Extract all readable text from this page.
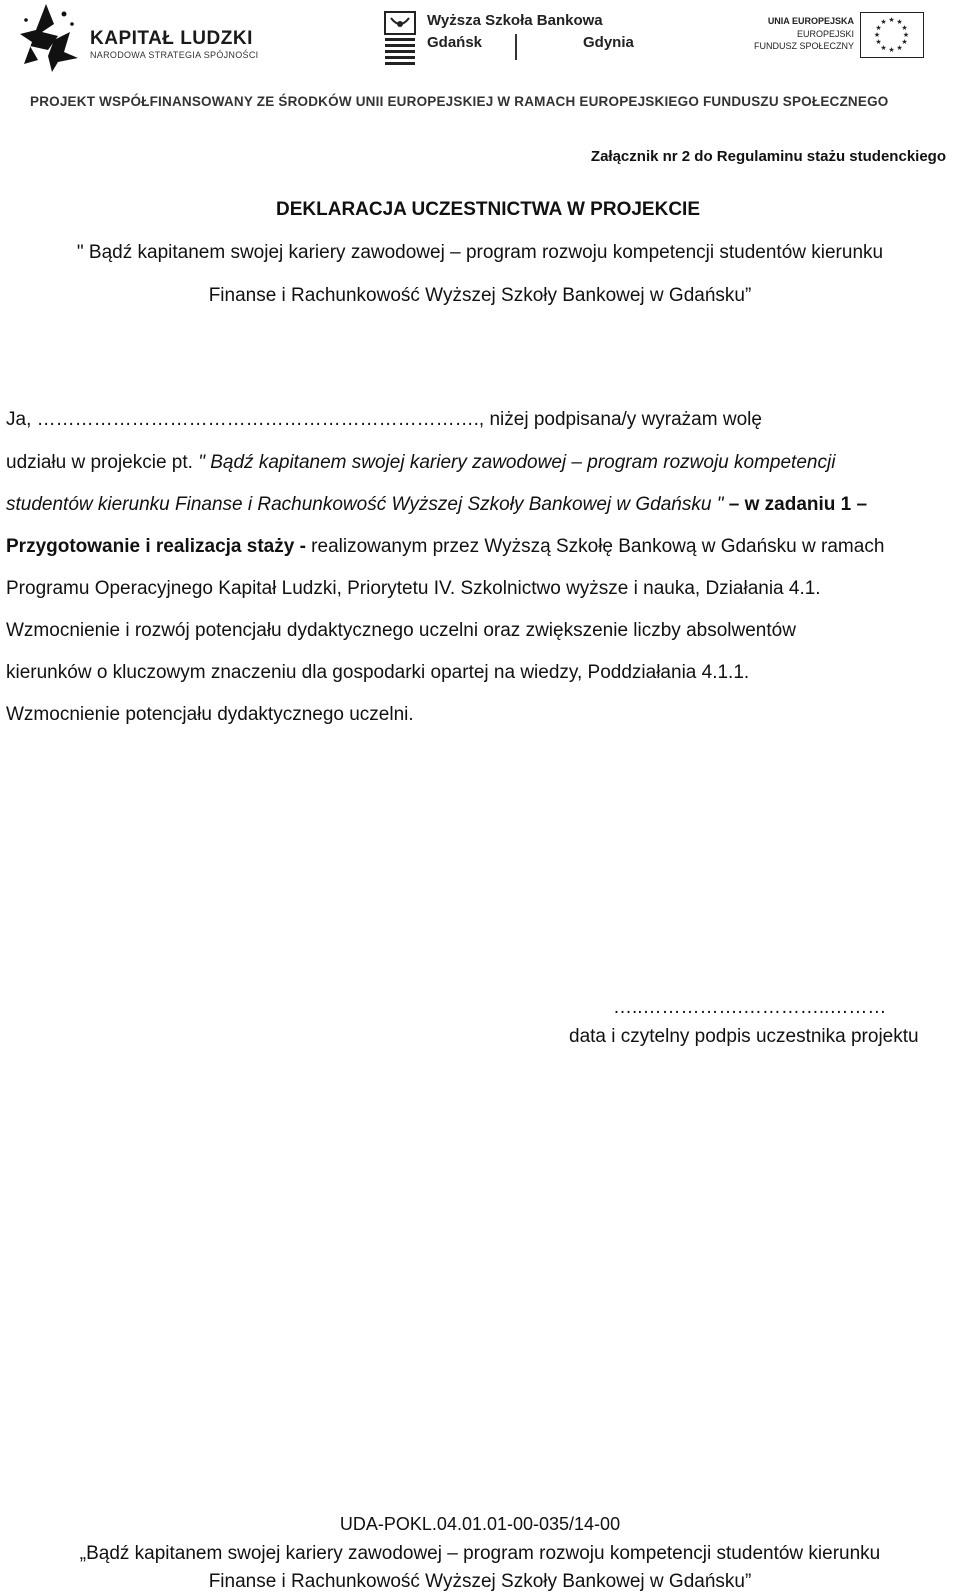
KAPITAŁ LUDZKI
NARODOWA STRATEGIA SPÓJNOŚCI
Wyższa Szkoła Bankowa
Gdańsk	Gdynia
UNIA EUROPEJSKA
EUROPEJSKI
FUNDUSZ SPOŁECZNY
★ ★
★
★
★
★
★
★
★
★
★
★
PROJEKT WSPÓŁFINANSOWANY ZE ŚRODKÓW UNII EUROPEJSKIEJ W RAMACH EUROPEJSKIEGO FUNDUSZU SPOŁECZNEGO
Załącznik nr 2 do Regulaminu stażu studenckiego
DEKLARACJA UCZESTNICTWA W PROJEKCIE
" Bądź kapitanem swojej kariery zawodowej – program rozwoju kompetencji studentów kierunku
Finanse i Rachunkowość Wyższej Szkoły Bankowej w Gdańsku”
Ja, ……………………………………………………………., niżej podpisana/y wyrażam wolę
udziału w projekcie pt. " Bądź kapitanem swojej kariery zawodowej – program rozwoju kompetencji
studentów kierunku Finanse i Rachunkowość Wyższej Szkoły Bankowej w Gdańsku " – w zadaniu 1 –
Przygotowanie i realizacja staży - realizowanym przez Wyższą Szkołę Bankową w Gdańsku w ramach
Programu Operacyjnego Kapitał Ludzki, Priorytetu IV. Szkolnictwo wyższe i nauka, Działania 4.1.
Wzmocnienie i rozwój potencjału dydaktycznego uczelni oraz zwiększenie liczby absolwentów
kierunków o kluczowym znaczeniu dla gospodarki opartej na wiedzy, Poddziałania 4.1.1.
Wzmocnienie potencjału dydaktycznego uczelni.
…..…………….…………..………
data i czytelny podpis uczestnika projektu
UDA-POKL.04.01.01-00-035/14-00
„Bądź kapitanem swojej kariery zawodowej – program rozwoju kompetencji studentów kierunku
Finanse i Rachunkowość Wyższej Szkoły Bankowej w Gdańsku”
